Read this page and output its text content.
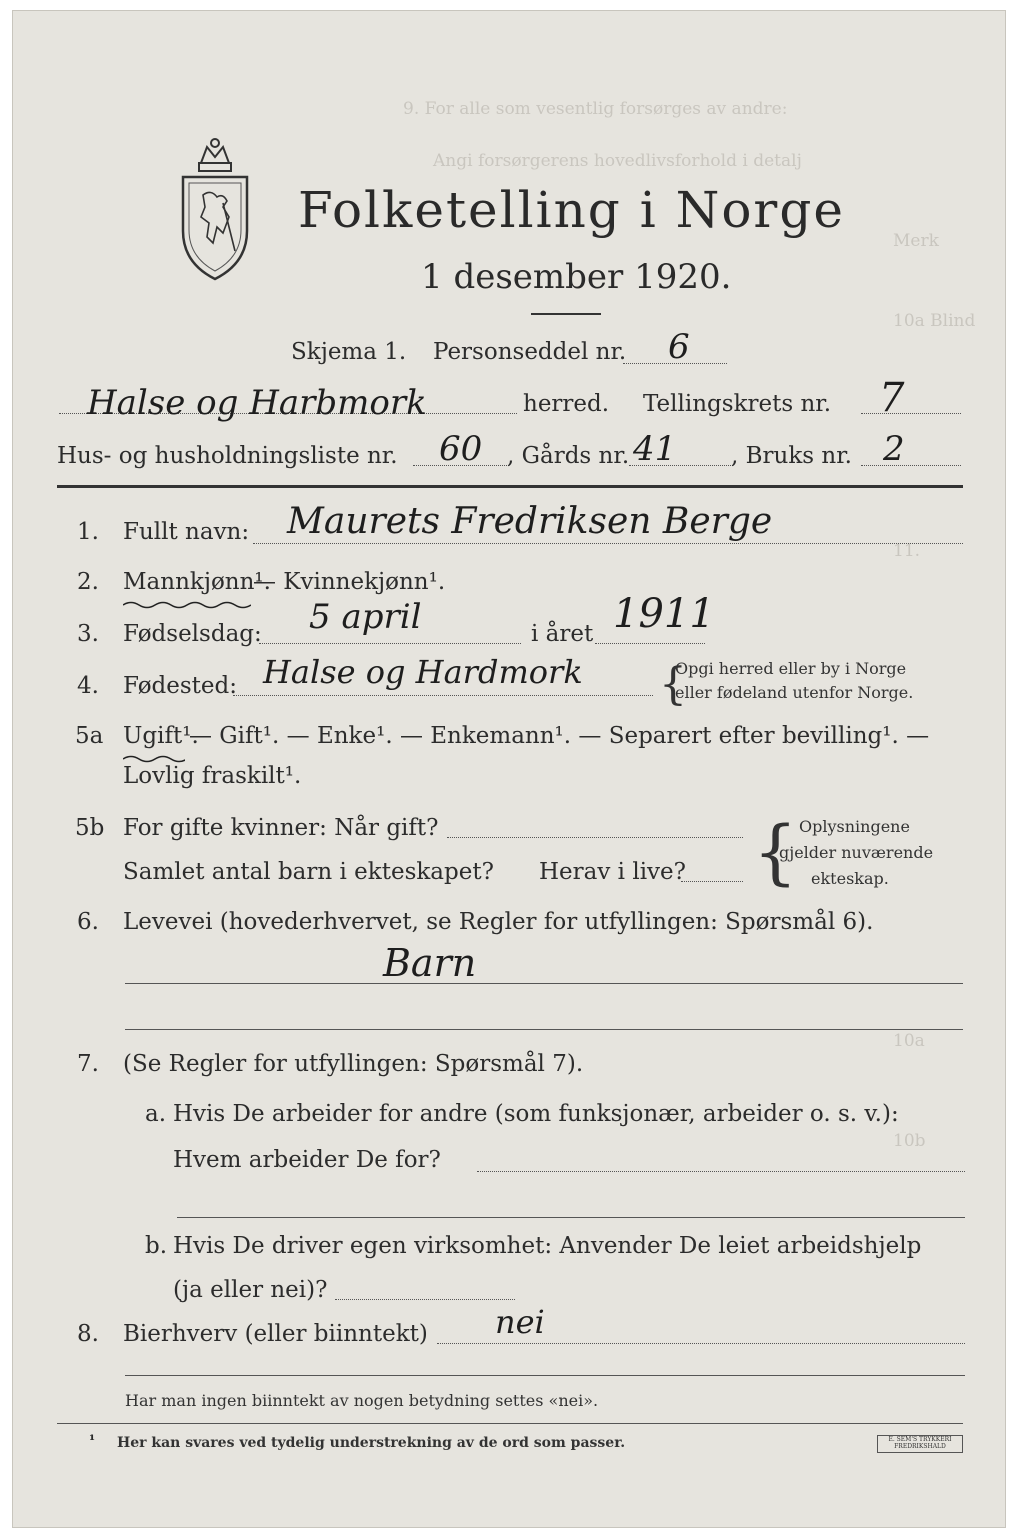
9. For alle som vesentlig forsørges av andre:
Angi forsørgerens hovedlivsforhold i detalj
Merk
10a Blind
11.
10a
10b
Folketelling i Norge
1 desember 1920.
Skjema 1. Personseddel nr. 6
Halse og Harbmork	herred. Tellingskrets nr. 7
Hus- og husholdningsliste nr. 60 , Gårds nr. 41 , Bruks nr. 2
1. Fullt navn: Maurets Fredriksen Berge
2. Mannkjønn¹.
— Kvinnekjønn¹.
3. Fødselsdag: 5 april	i året 1911
4. Fødested: Halse og Hardmork {
Opgi herred eller by i Norge
eller fødeland utenfor Norge.
5a Ugift¹.
— Gift¹. — Enke¹. — Enkemann¹. — Separert efter bevilling¹. —
Lovlig fraskilt¹.
5b For gifte kvinner: Når gift?
Samlet antal barn i ekteskapet? Herav i live? { Oplysningene
gjelder nuværende
ekteskap.
6. Levevei (hovederhvervet, se Regler for utfyllingen: Spørsmål 6).
Barn
7. (Se Regler for utfyllingen: Spørsmål 7).
a. Hvis De arbeider for andre (som funksjonær, arbeider o. s. v.):
Hvem arbeider De for?
b. Hvis De driver egen virksomhet: Anvender De leiet arbeidshjelp
(ja eller nei)?
8. Bierhverv (eller biinntekt) nei
Har man ingen biinntekt av nogen betydning settes «nei».
¹ Her kan svares ved tydelig understrekning av de ord som passer.	E. SEM'S TRYKKERI FREDRIKSHALD
